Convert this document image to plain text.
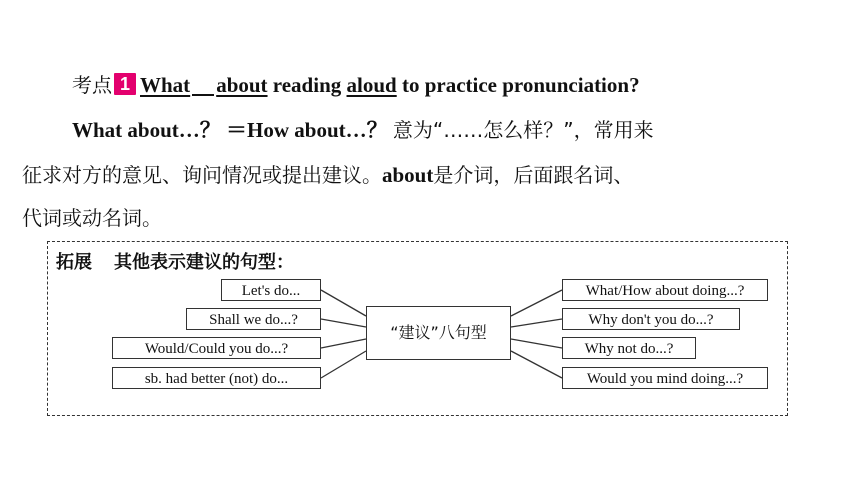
考点 1 What about reading aloud to practice pronunciation?
What about…？ ＝How about…？ 意为“……怎么样？”，常用来
征求对方的意见、询问情况或提出建议。about是介词，后面跟名词、
代词或动名词。
拓展 其他表示建议的句型：
“建议”八句型
Let's do...
Shall we do...?
Would/Could you do...?
sb. had better (not) do...
What/How about doing...?
Why don't you do...?
Why not do...?
Would you mind doing...?
